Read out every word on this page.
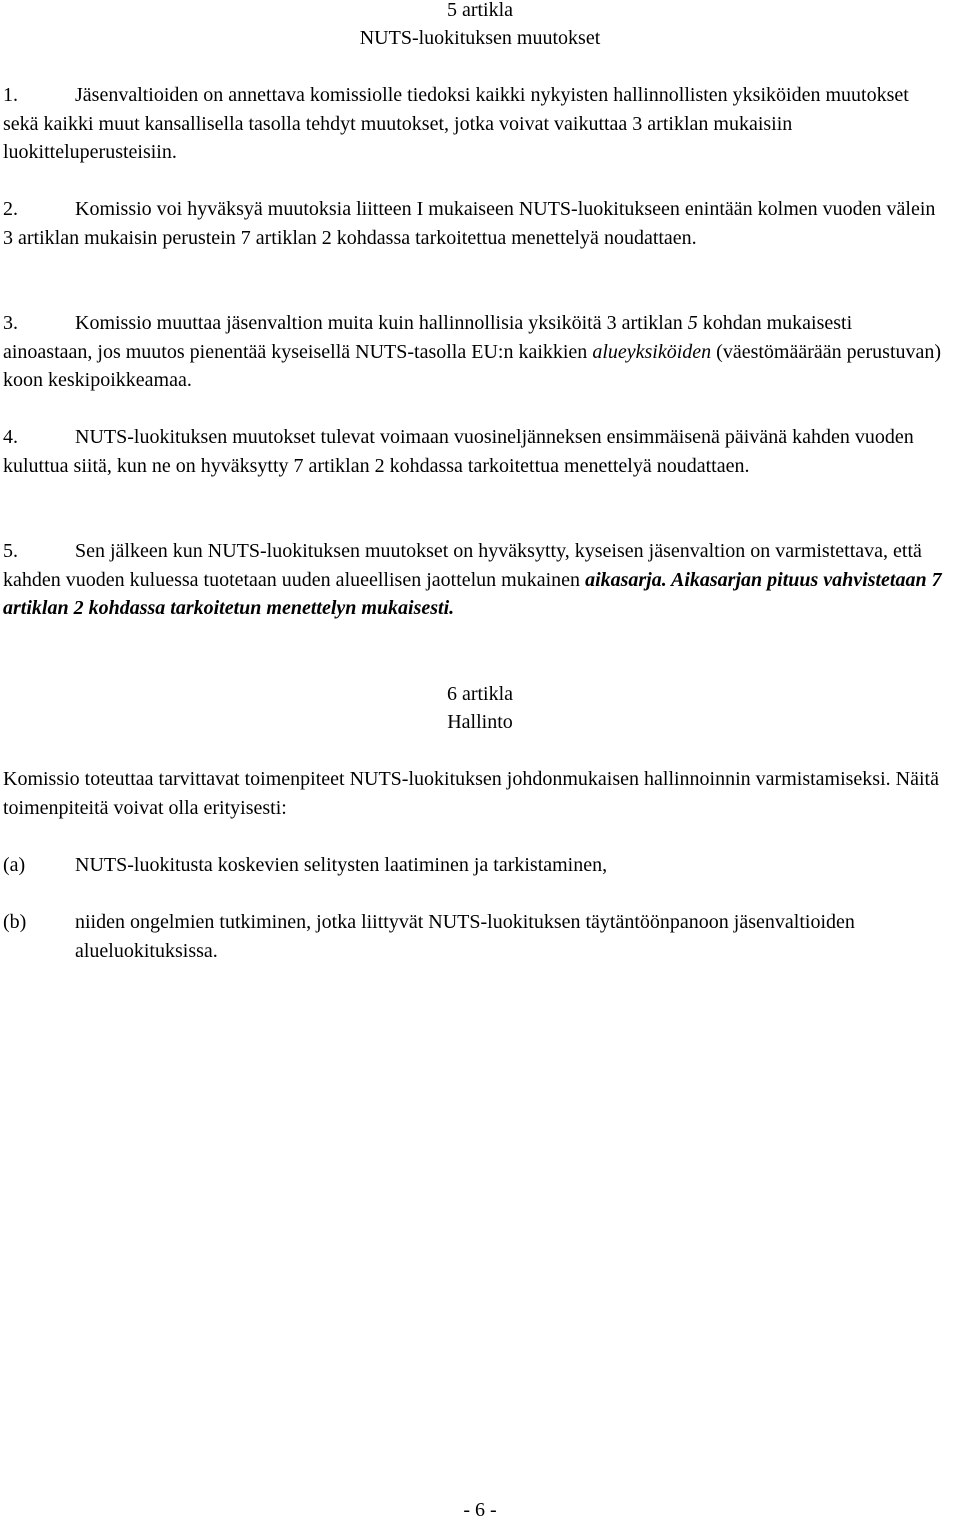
5 artikla
NUTS-luokituksen muutokset
1.	Jäsenvaltioiden on annettava komissiolle tiedoksi kaikki nykyisten hallinnollisten yksiköiden muutokset sekä kaikki muut kansallisella tasolla tehdyt muutokset, jotka voivat vaikuttaa 3 artiklan mukaisiin luokitteluperusteisiin.
2.	Komissio voi hyväksyä muutoksia liitteen I mukaiseen NUTS-luokitukseen enintään kolmen vuoden välein 3 artiklan mukaisin perustein 7 artiklan 2 kohdassa tarkoitettua menettelyä noudattaen.
3.	Komissio muuttaa jäsenvaltion muita kuin hallinnollisia yksiköitä 3 artiklan 5 kohdan mukaisesti ainoastaan, jos muutos pienentää kyseisellä NUTS-tasolla EU:n kaikkien alueyksiköiden (väestömäärään perustuvan) koon keskipoikkeamaa.
4.	NUTS-luokituksen muutokset tulevat voimaan vuosineljänneksen ensimmäisenä päivänä kahden vuoden kuluttua siitä, kun ne on hyväksytty 7 artiklan 2 kohdassa tarkoitettua menettelyä noudattaen.
5.	Sen jälkeen kun NUTS-luokituksen muutokset on hyväksytty, kyseisen jäsenvaltion on varmistettava, että kahden vuoden kuluessa tuotetaan uuden alueellisen jaottelun mukainen aikasarja. Aikasarjan pituus vahvistetaan 7 artiklan 2 kohdassa tarkoitetun menettelyn mukaisesti.
6 artikla
Hallinto
Komissio toteuttaa tarvittavat toimenpiteet NUTS-luokituksen johdonmukaisen hallinnoinnin varmistamiseksi. Näitä toimenpiteitä voivat olla erityisesti:
(a) NUTS-luokitusta koskevien selitysten laatiminen ja tarkistaminen,
(b) niiden ongelmien tutkiminen, jotka liittyvät NUTS-luokituksen täytäntöönpanoon jäsenvaltioiden alueluokituksissa.
- 6 -
